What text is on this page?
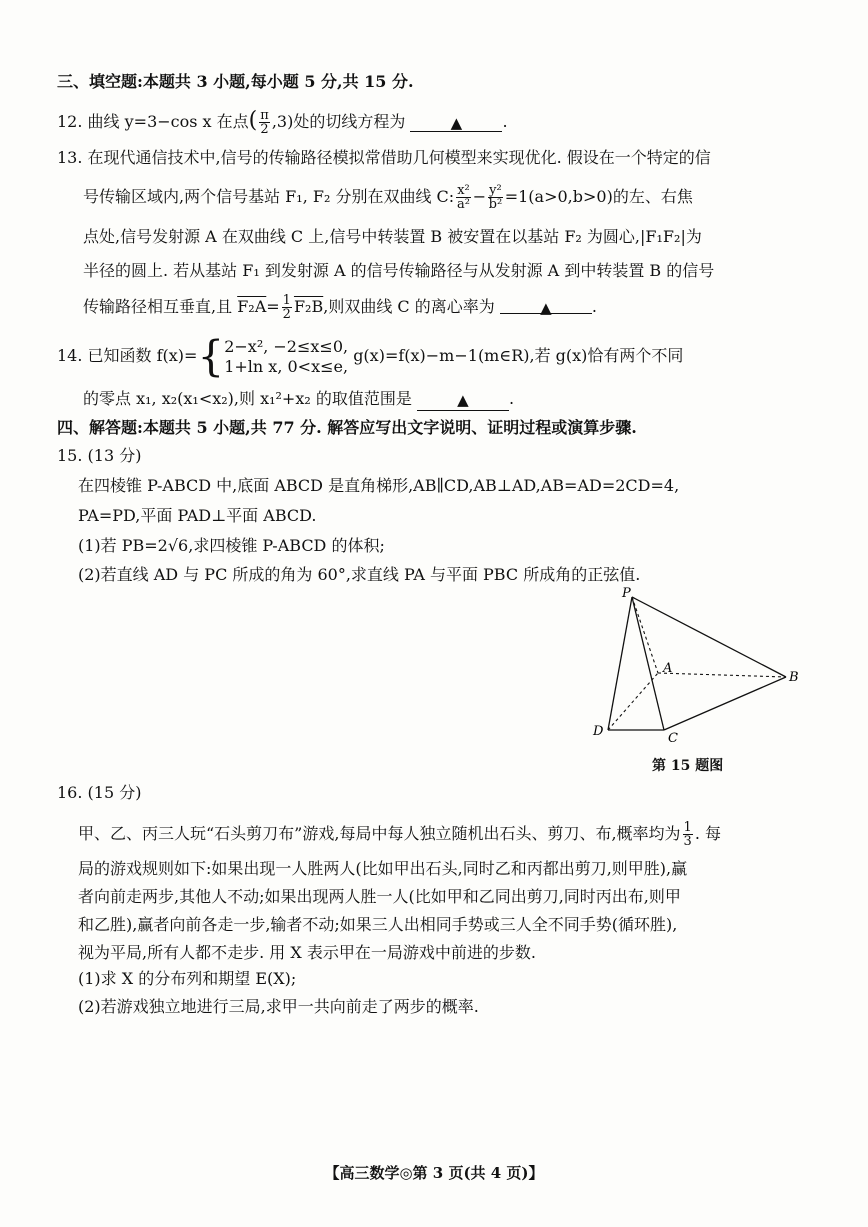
三、填空题:本题共 3 小题,每小题 5 分,共 15 分.
12. 曲线 y=3−cos x 在点( $\frac{\pi}{2} ,3$)处的切线方程为	▲	.
13. 在现代通信技术中,信号的传输路径模拟常借助几何模型来实现优化. 假设在一个特定的信
号传输区域内,两个信号基站 F₁, F₂ 分别在双曲线 C: $\frac{\text{x²}}{\text{a²}} - \frac{\text{y²}}{\text{b²}} =1(a>0,b>0)$的左、右焦
点处,信号发射源 A 在双曲线 C 上,信号中转装置 B 被安置在以基站 F₂ 为圆心,|F₁F₂|为
半径的圆上. 若从基站 F₁ 到发射源 A 的信号传输路径与从发射源 A 到中转装置 B 的信号
传输路径相互垂直,且 $F_2A= \frac{1}{2} F_2B$,则双曲线 C 的离心率为	▲	.
14. 已知函数 f(x)={ 2−x², −2≤x≤0,
1+ln x, 0<x≤e,
g(x)=f(x)−m−1(m∈R),若 g(x)恰有两个不同
的零点 x₁, x₂(x₁<x₂),则 x₁²+x₂ 的取值范围是	▲	.
四、解答题:本题共 5 小题,共 77 分. 解答应写出文字说明、证明过程或演算步骤.
15. (13 分)
在四棱锥 P-ABCD 中,底面 ABCD 是直角梯形,AB∥CD,AB⊥AD,AB=AD=2CD=4,
PA=PD,平面 PAD⊥平面 ABCD.
(1)若 PB=2√6,求四棱锥 P-ABCD 的体积;
(2)若直线 AD 与 PC 所成的角为 60°,求直线 PA 与平面 PBC 所成角的正弦值.
P
A
B
C
D
第 15 题图
16. (15 分)
甲、乙、丙三人玩“石头剪刀布”游戏,每局中每人独立随机出石头、剪刀、布,概率均为 $\frac{1}{3}$ . 每
局的游戏规则如下:如果出现一人胜两人(比如甲出石头,同时乙和丙都出剪刀,则甲胜),赢
者向前走两步,其他人不动;如果出现两人胜一人(比如甲和乙同出剪刀,同时丙出布,则甲
和乙胜),赢者向前各走一步,输者不动;如果三人出相同手势或三人全不同手势(循环胜),
视为平局,所有人都不走步. 用 X 表示甲在一局游戏中前进的步数.
(1)求 X 的分布列和期望 E(X);
(2)若游戏独立地进行三局,求甲一共向前走了两步的概率.
【高三数学◎第 3 页(共 4 页)】
